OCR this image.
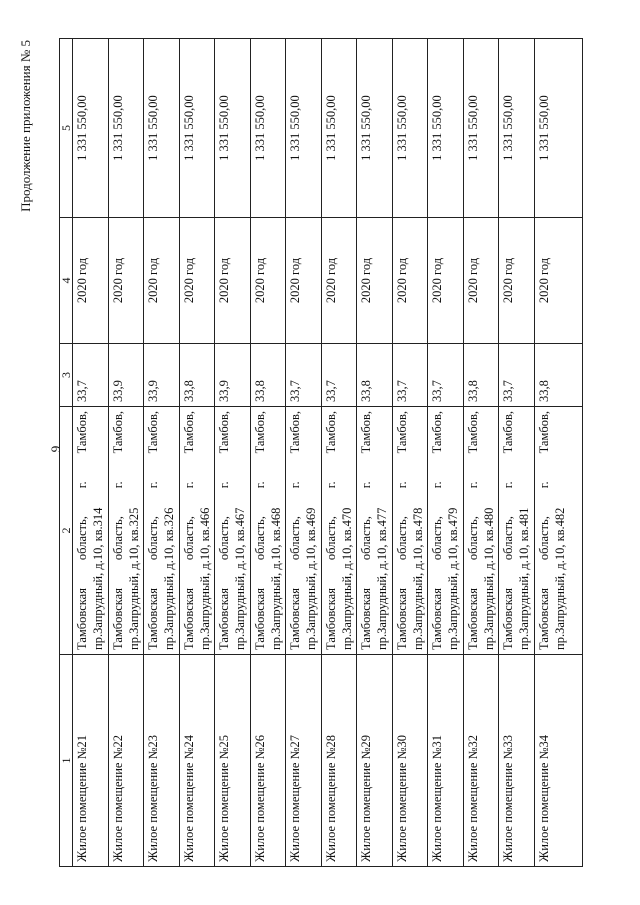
9
Продолжение приложения № 5
1	2	3	4	5
Жилое помещение №21	Тамбовская
область,
г.
Тамбов,
пр.Запрудный, д.10, кв.314	33,7	2020 год	1 331 550,00
Жилое помещение №22	Тамбовская
область,
г.
Тамбов,
пр.Запрудный, д.10, кв.325	33,9	2020 год	1 331 550,00
Жилое помещение №23	Тамбовская
область,
г.
Тамбов,
пр.Запрудный, д.10, кв.326	33,9	2020 год	1 331 550,00
Жилое помещение №24	Тамбовская
область,
г.
Тамбов,
пр.Запрудный, д.10, кв.466	33,8	2020 год	1 331 550,00
Жилое помещение №25	Тамбовская
область,
г.
Тамбов,
пр.Запрудный, д.10, кв.467	33,9	2020 год	1 331 550,00
Жилое помещение №26	Тамбовская
область,
г.
Тамбов,
пр.Запрудный, д.10, кв.468	33,8	2020 год	1 331 550,00
Жилое помещение №27	Тамбовская
область,
г.
Тамбов,
пр.Запрудный, д.10, кв.469	33,7	2020 год	1 331 550,00
Жилое помещение №28	Тамбовская
область,
г.
Тамбов,
пр.Запрудный, д.10, кв.470	33,7	2020 год	1 331 550,00
Жилое помещение №29	Тамбовская
область,
г.
Тамбов,
пр.Запрудный, д.10, кв.477	33,8	2020 год	1 331 550,00
Жилое помещение №30	Тамбовская
область,
г.
Тамбов,
пр.Запрудный, д.10, кв.478	33,7	2020 год	1 331 550,00
Жилое помещение №31	Тамбовская
область,
г.
Тамбов,
пр.Запрудный, д.10, кв.479	33,7	2020 год	1 331 550,00
Жилое помещение №32	Тамбовская
область,
г.
Тамбов,
пр.Запрудный, д.10, кв.480	33,8	2020 год	1 331 550,00
Жилое помещение №33	Тамбовская
область,
г.
Тамбов,
пр.Запрудный, д.10, кв.481	33,7	2020 год	1 331 550,00
Жилое помещение №34	Тамбовская
область,
г.
Тамбов,
пр.Запрудный, д.10, кв.482	33,8	2020 год	1 331 550,00
